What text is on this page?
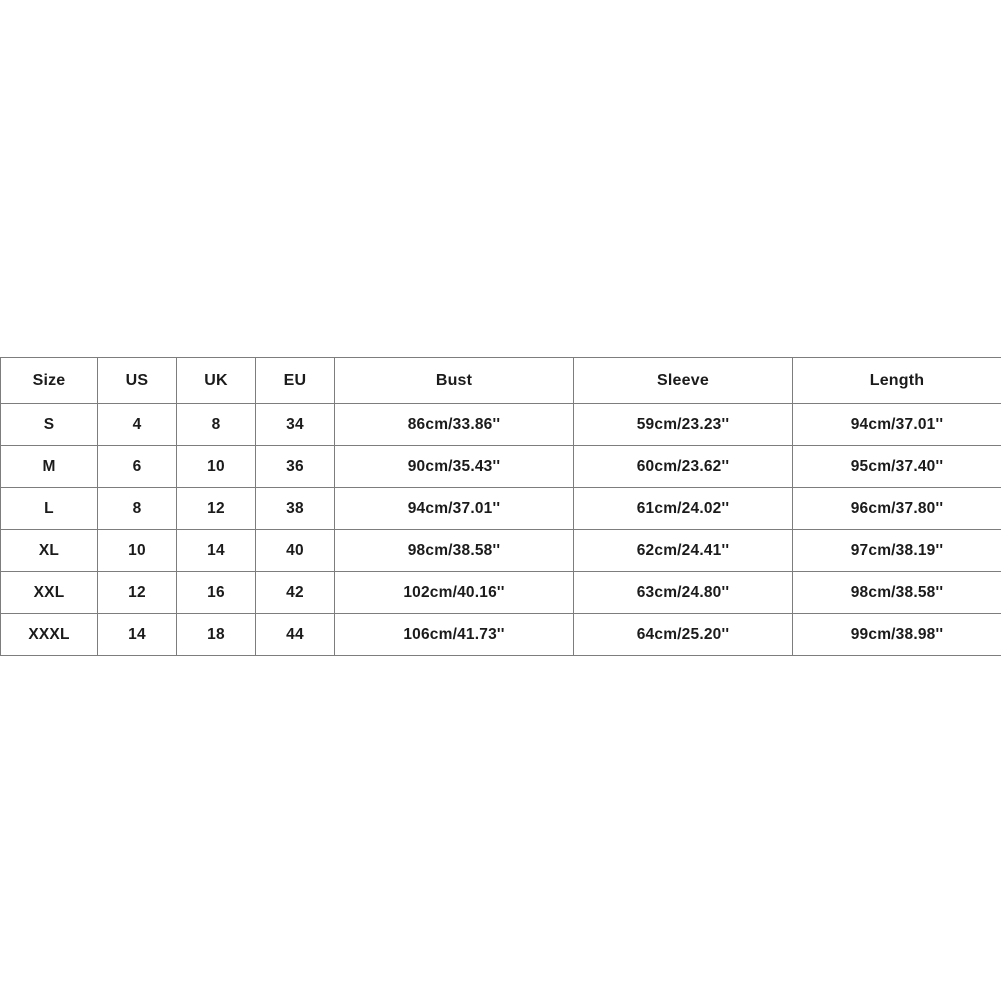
Size	US	UK	EU	Bust	Sleeve	Length
S	4	8	34	86cm/33.86''	59cm/23.23''	94cm/37.01''
M	6	10	36	90cm/35.43''	60cm/23.62''	95cm/37.40''
L	8	12	38	94cm/37.01''	61cm/24.02''	96cm/37.80''
XL	10	14	40	98cm/38.58''	62cm/24.41''	97cm/38.19''
XXL	12	16	42	102cm/40.16''	63cm/24.80''	98cm/38.58''
XXXL	14	18	44	106cm/41.73''	64cm/25.20''	99cm/38.98''
